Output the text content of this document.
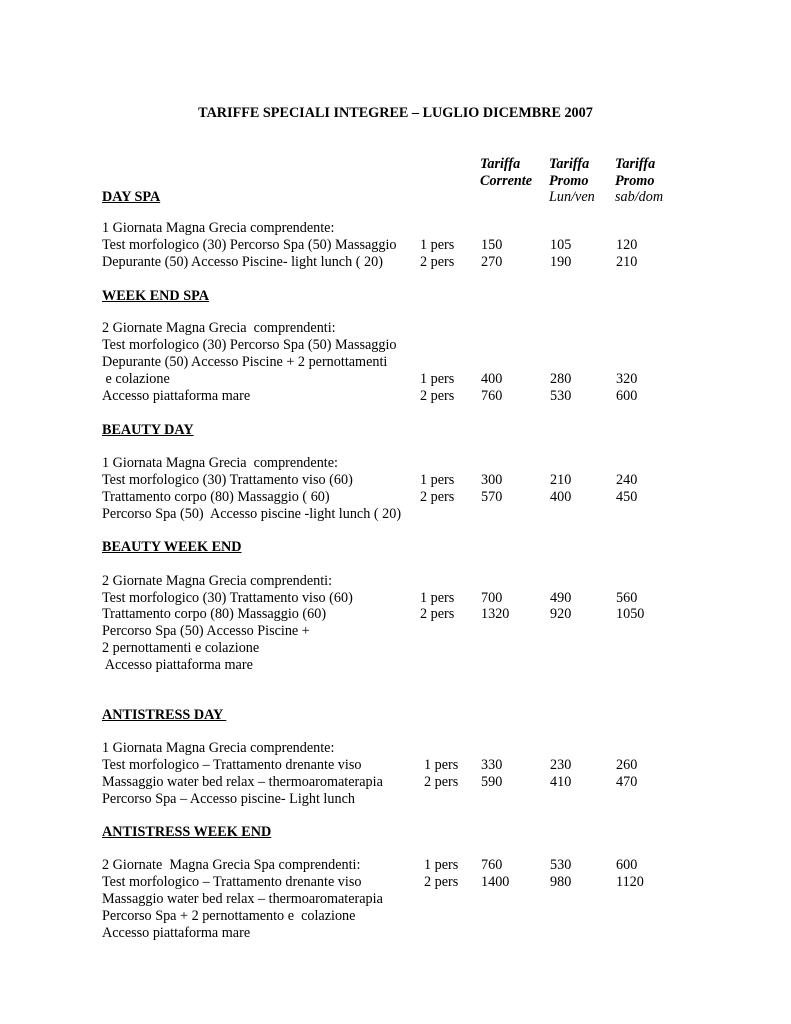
TARIFFE SPECIALI INTEGREE – LUGLIO DICEMBRE 2007
Tariffa
Corrente
Tariffa
Promo
Lun/ven
Tariffa
Promo
sab/dom
DAY SPA
1 Giornata Magna Grecia comprendente:
Test morfologico (30) Percorso Spa (50) Massaggio
Depurante (50) Accesso Piscine- light lunch ( 20)
1 pers 150	105	120
2 pers 270	190	210
WEEK END SPA
2 Giornate Magna Grecia  comprendenti:
Test morfologico (30) Percorso Spa (50) Massaggio
Depurante (50) Accesso Piscine + 2 pernottamenti
e colazione
Accesso piattaforma mare
1 pers 400	280	320
2 pers 760	530	600
BEAUTY DAY
1 Giornata Magna Grecia  comprendente:
Test morfologico (30) Trattamento viso (60)
Trattamento corpo (80) Massaggio ( 60)
Percorso Spa (50)  Accesso piscine -light lunch ( 20)
1 pers 300	210	240
2 pers 570	400	450
BEAUTY WEEK END
2 Giornate Magna Grecia comprendenti:
Test morfologico (30) Trattamento viso (60)
Trattamento corpo (80) Massaggio (60)
Percorso Spa (50) Accesso Piscine +
2 pernottamenti e colazione
Accesso piattaforma mare
1 pers 700	490	560
2 pers 1320	920	1050
ANTISTRESS DAY
1 Giornata Magna Grecia comprendente:
Test morfologico – Trattamento drenante viso
Massaggio water bed relax – thermoaromaterapia
Percorso Spa – Accesso piscine- Light lunch
1 pers 330	230	260
2 pers 590	410	470
ANTISTRESS WEEK END
2 Giornate  Magna Grecia Spa comprendenti:
Test morfologico – Trattamento drenante viso
Massaggio water bed relax – thermoaromaterapia
Percorso Spa + 2 pernottamento e  colazione
Accesso piattaforma mare
1 pers 760	530	600
2 pers 1400	980	1120
